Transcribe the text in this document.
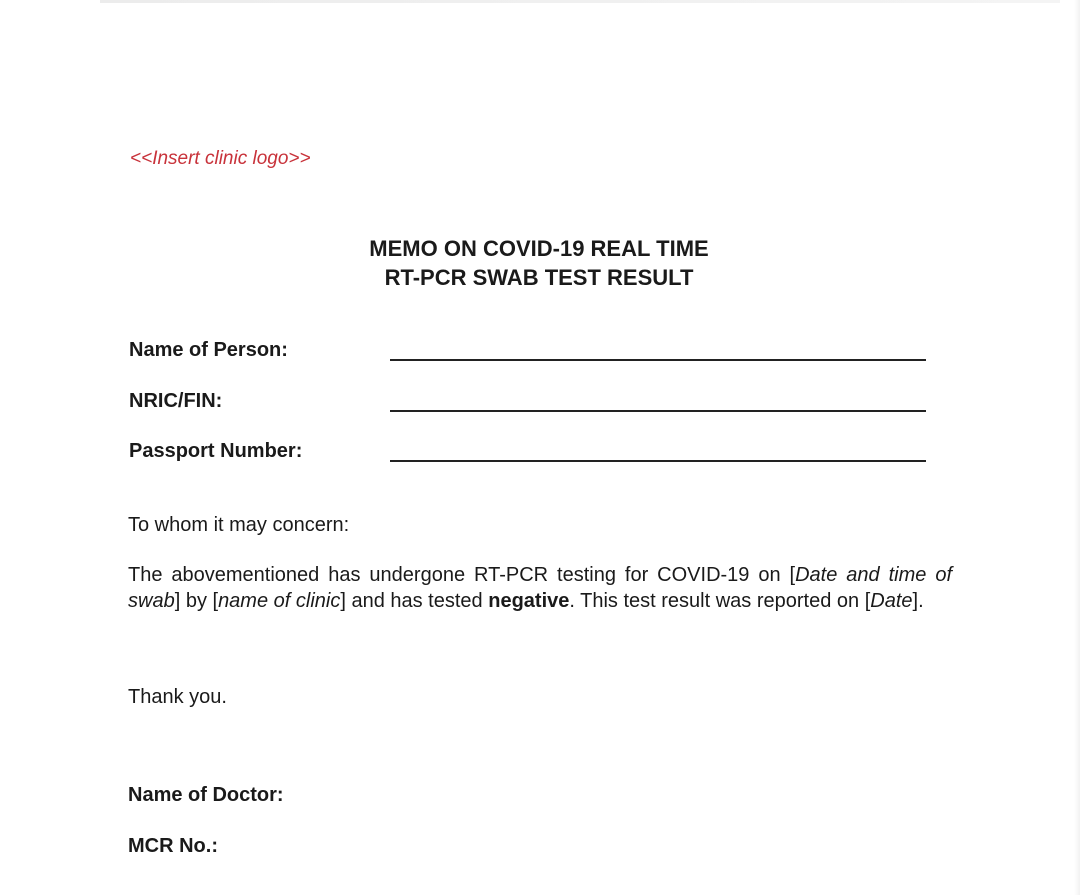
<<Insert clinic logo>>
MEMO ON COVID-19 REAL TIME
RT-PCR SWAB TEST RESULT
Name of Person:
NRIC/FIN:
Passport Number:
To whom it may concern:
The abovementioned has undergone RT-PCR testing for COVID-19 on [Date and time of swab] by [name of clinic] and has tested negative. This test result was reported on [Date].
Thank you.
Name of Doctor:
MCR No.:
